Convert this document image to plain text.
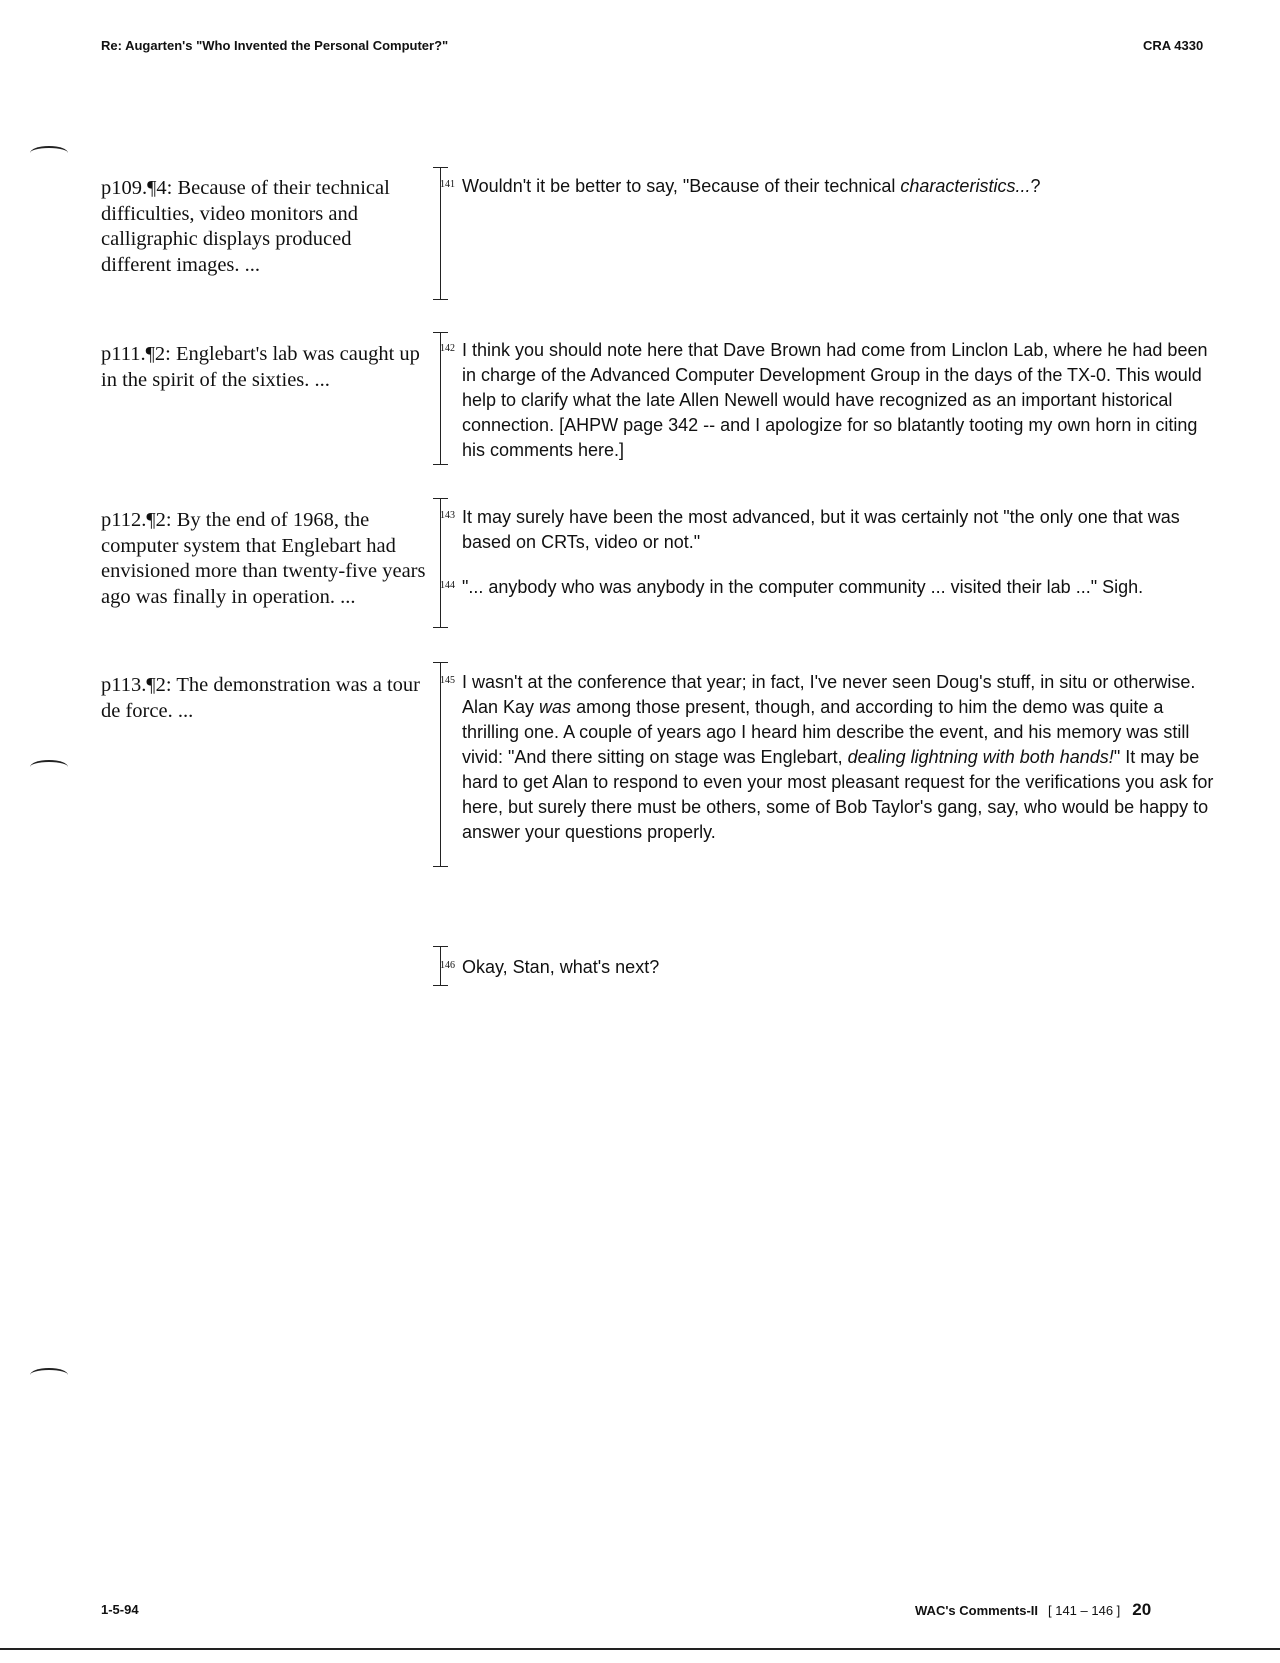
Re: Augarten's "Who Invented the Personal Computer?"	CRA 4330
p109.¶4: Because of their technical difficulties, video monitors and calligraphic displays produced different images. ...
141 Wouldn't it be better to say, "Because of their technical characteristics...?

p111.¶2: Englebart's lab was caught up in the spirit of the sixties. ...
142 I think you should note here that Dave Brown had come from Linclon Lab, where he had been in charge of the Advanced Computer Development Group in the days of the TX-0. This would help to clarify what the late Allen Newell would have recognized as an important historical connection. [AHPW page 342 -- and I apologize for so blatantly tooting my own horn in citing his comments here.]

p112.¶2: By the end of 1968, the computer system that Englebart had envisioned more than twenty-five years ago was finally in operation. ...
143 It may surely have been the most advanced, but it was certainly not "the only one that was based on CRTs, video or not."

144 "... anybody who was anybody in the computer community ... visited their lab ..." Sigh.

p113.¶2: The demonstration was a tour de force. ...
145 I wasn't at the conference that year; in fact, I've never seen Doug's stuff, in situ or otherwise. Alan Kay was among those present, though, and according to him the demo was quite a thrilling one. A couple of years ago I heard him describe the event, and his memory was still vivid: "And there sitting on stage was Englebart, dealing lightning with both hands!" It may be hard to get Alan to respond to even your most pleasant request for the verifications you ask for here, but surely there must be others, some of Bob Taylor's gang, say, who would be happy to answer your questions properly.

146 Okay, Stan, what's next?

1-5-94	WAC's Comments-II [ 141 – 146 ] 20
